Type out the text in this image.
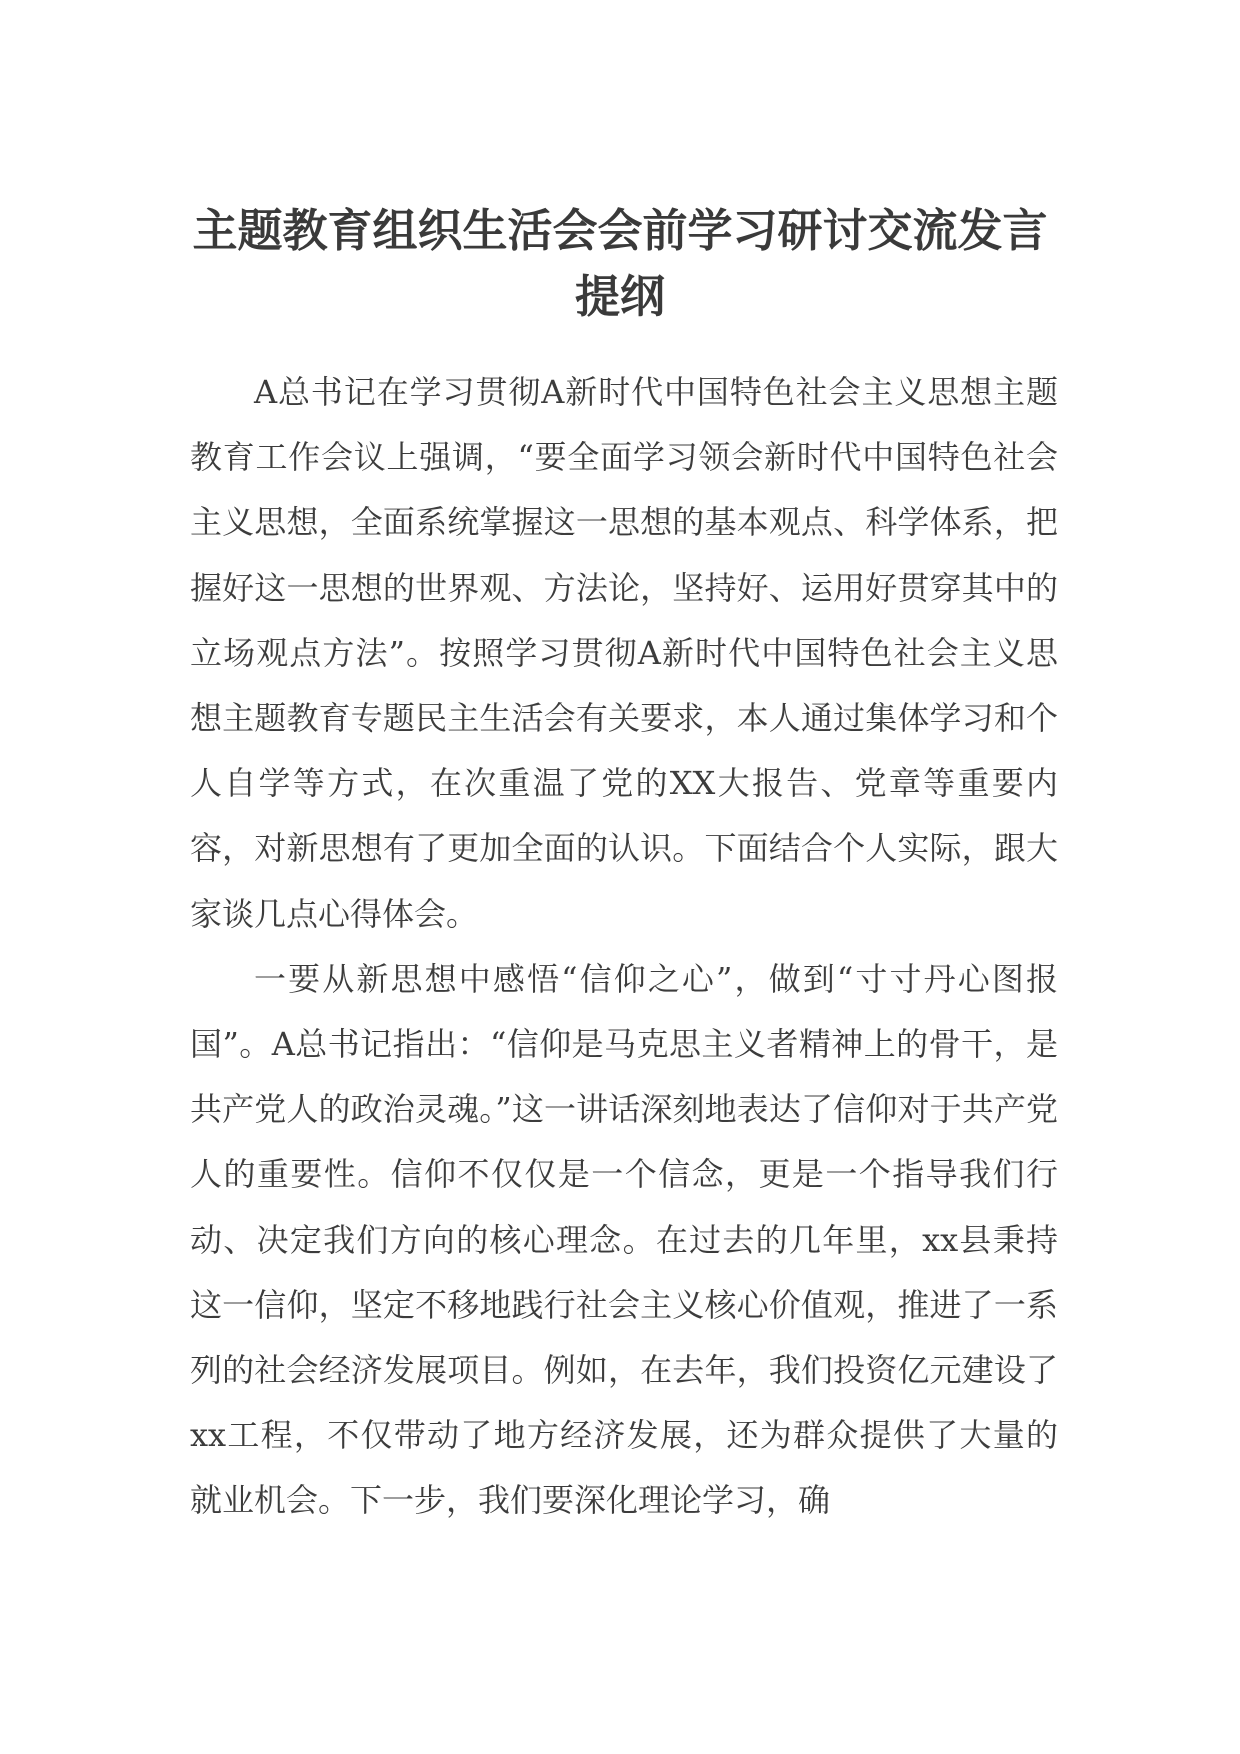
主题教育组织生活会会前学习研讨交流发言提纲

A总书记在学习贯彻A新时代中国特色社会主义思想主题教育工作会议上强调，“要全面学习领会新时代中国特色社会主义思想，全面系统掌握这一思想的基本观点、科学体系，把握好这一思想的世界观、方法论，坚持好、运用好贯穿其中的立场观点方法”。按照学习贯彻A新时代中国特色社会主义思想主题教育专题民主生活会有关要求，本人通过集体学习和个人自学等方式，在次重温了党的XX大报告、党章等重要内容，对新思想有了更加全面的认识。下面结合个人实际，跟大家谈几点心得体会。

一要从新思想中感悟“信仰之心”，做到“寸寸丹心图报国”。A总书记指出：“信仰是马克思主义者精神上的骨干，是共产党人的政治灵魂。”这一讲话深刻地表达了信仰对于共产党人的重要性。信仰不仅仅是一个信念，更是一个指导我们行动、决定我们方向的核心理念。在过去的几年里，xx县秉持这一信仰，坚定不移地践行社会主义核心价值观，推进了一系列的社会经济发展项目。例如，在去年，我们投资亿元建设了xx工程，不仅带动了地方经济发展，还为群众提供了大量的就业机会。下一步，我们要深化理论学习，确
